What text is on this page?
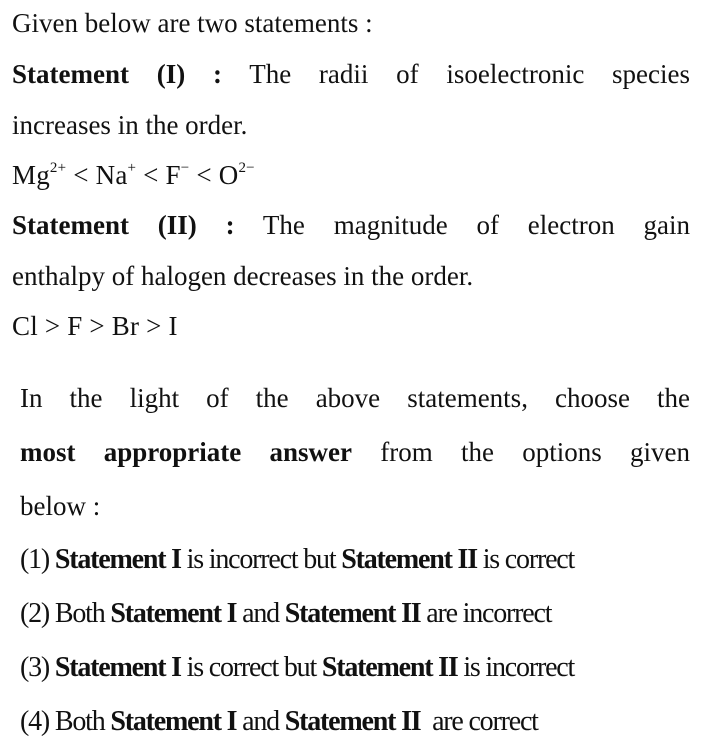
Given below are two statements :
Statement (I) : The radii of isoelectronic species
increases in the order.
$Mg^{2+} < Na^+ < F^- < O^{2-}$
Statement (II) : The magnitude of electron gain
enthalpy of halogen decreases in the order.
Cl > F > Br > I
In the light of the above statements, choose the
most appropriate answer from the options given
below :
(1) Statement I is incorrect but Statement II is correct
(2) Both Statement I and Statement II are incorrect
(3) Statement I is correct but Statement II is incorrect
(4) Both Statement I and Statement II  are correct
